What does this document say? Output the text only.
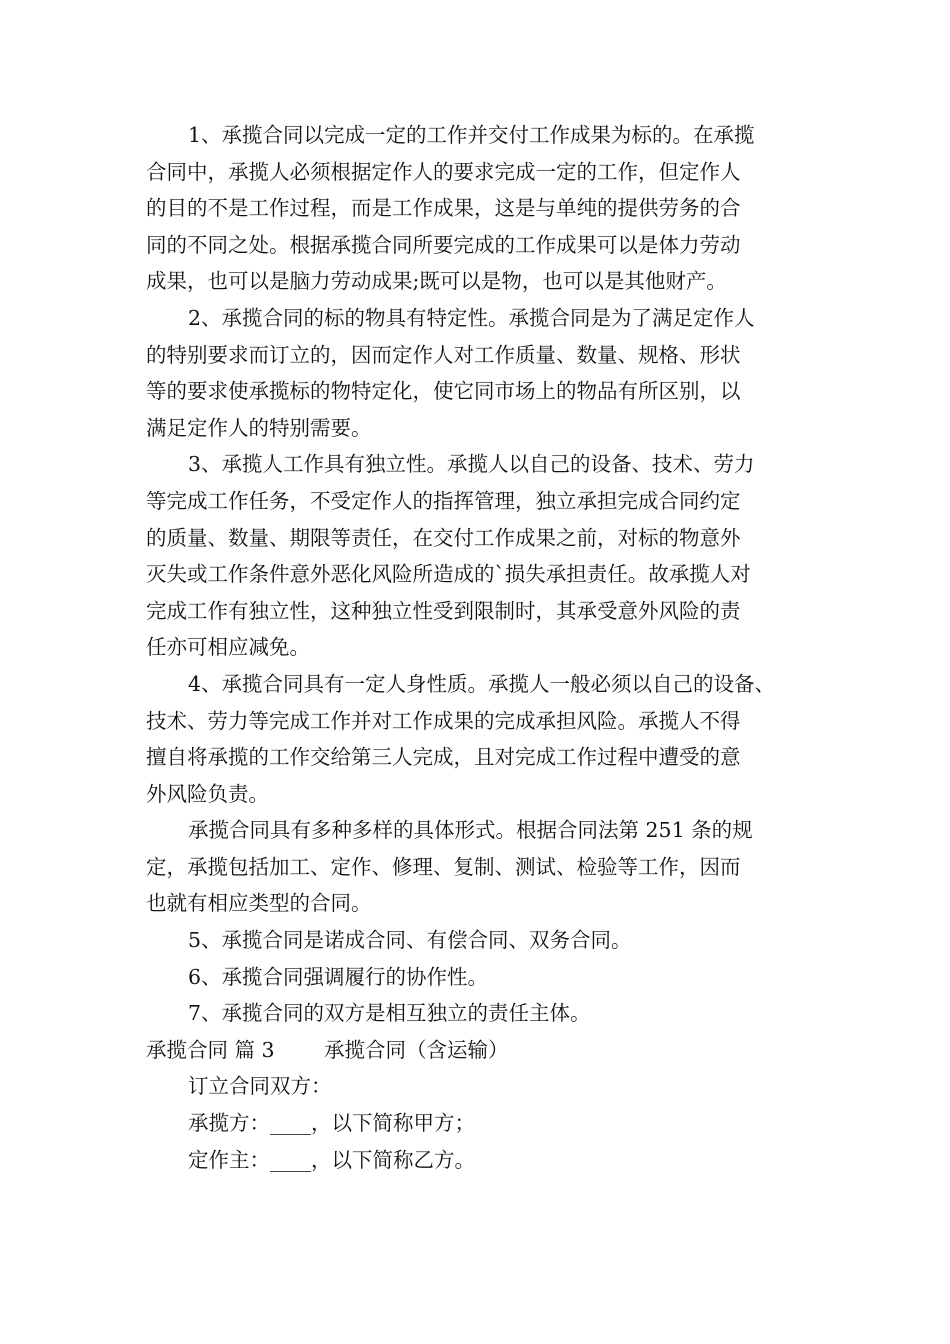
1、承揽合同以完成一定的工作并交付工作成果为标的。在承揽

合同中，承揽人必须根据定作人的要求完成一定的工作，但定作人

的目的不是工作过程，而是工作成果，这是与单纯的提供劳务的合

同的不同之处。根据承揽合同所要完成的工作成果可以是体力劳动

成果，也可以是脑力劳动成果;既可以是物，也可以是其他财产。

2、承揽合同的标的物具有特定性。承揽合同是为了满足定作人

的特别要求而订立的，因而定作人对工作质量、数量、规格、形状

等的要求使承揽标的物特定化，使它同市场上的物品有所区别，以

满足定作人的特别需要。

3、承揽人工作具有独立性。承揽人以自己的设备、技术、劳力

等完成工作任务，不受定作人的指挥管理，独立承担完成合同约定

的质量、数量、期限等责任，在交付工作成果之前，对标的物意外

灭失或工作条件意外恶化风险所造成的`损失承担责任。故承揽人对

完成工作有独立性，这种独立性受到限制时，其承受意外风险的责

任亦可相应减免。

4、承揽合同具有一定人身性质。承揽人一般必须以自己的设备、

技术、劳力等完成工作并对工作成果的完成承担风险。承揽人不得

擅自将承揽的工作交给第三人完成，且对完成工作过程中遭受的意

外风险负责。

承揽合同具有多种多样的具体形式。根据合同法第 251 条的规

定，承揽包括加工、定作、修理、复制、测试、检验等工作，因而

也就有相应类型的合同。

5、承揽合同是诺成合同、有偿合同、双务合同。

6、承揽合同强调履行的协作性。

7、承揽合同的双方是相互独立的责任主体。

承揽合同 篇 3 承揽合同（含运输）

订立合同双方：

承揽方：____，以下简称甲方；

定作主：____，以下简称乙方。
